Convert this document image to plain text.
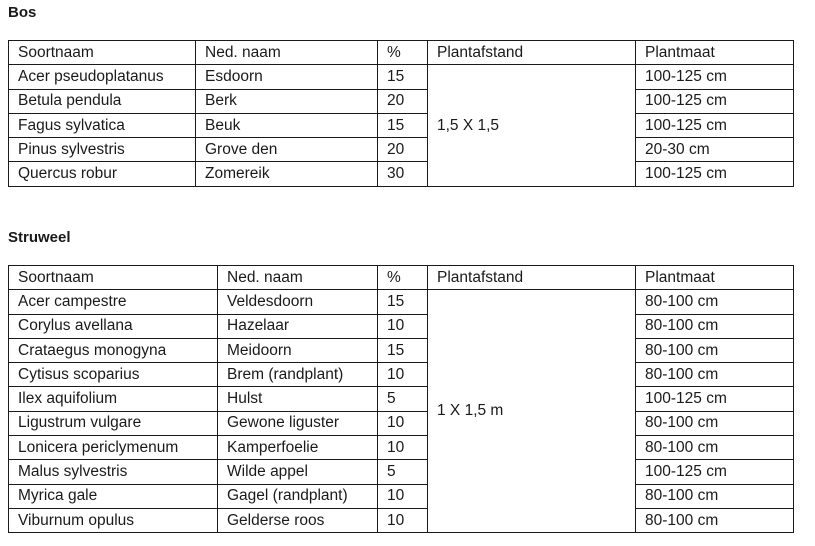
Bos
Soortnaam	Ned. naam	%	Plantafstand	Plantmaat
Acer pseudoplatanus	Esdoorn	15	1,5 X 1,5	100-125 cm
Betula pendula	Berk	20		100-125 cm
Fagus sylvatica	Beuk	15		100-125 cm
Pinus sylvestris	Grove den	20		20-30 cm
Quercus robur	Zomereik	30		100-125 cm
Struweel
Soortnaam	Ned. naam	%	Plantafstand	Plantmaat
Acer campestre	Veldesdoorn	15	1 X 1,5 m	80-100 cm
Corylus avellana	Hazelaar	10		80-100 cm
Crataegus monogyna	Meidoorn	15		80-100 cm
Cytisus scoparius	Brem (randplant)	10		80-100 cm
Ilex aquifolium	Hulst	5		100-125 cm
Ligustrum vulgare	Gewone liguster	10		80-100 cm
Lonicera periclymenum	Kamperfoelie	10		80-100 cm
Malus sylvestris	Wilde appel	5		100-125 cm
Myrica gale	Gagel (randplant)	10		80-100 cm
Viburnum opulus	Gelderse roos	10		80-100 cm
